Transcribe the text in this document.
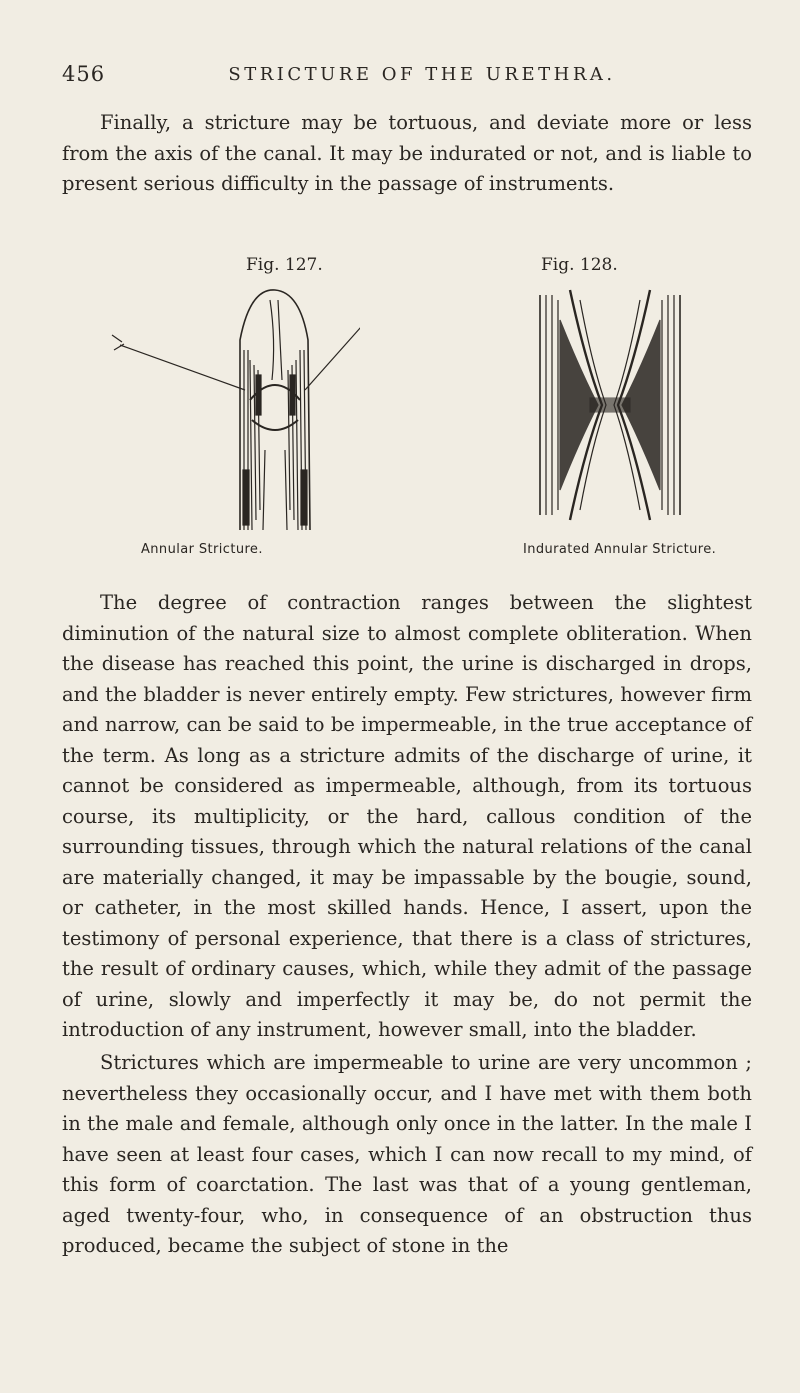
456	STRICTURE OF THE URETHRA.

Finally, a stricture may be tortuous, and deviate more or less from the axis of the canal. It may be indurated or not, and is liable to present serious difficulty in the passage of instruments.

Fig. 127.
Annular Stricture.
Fig. 128.
Indurated Annular Stricture.

The degree of contraction ranges between the slightest diminution of the natural size to almost complete obliteration. When the disease has reached this point, the urine is discharged in drops, and the bladder is never entirely empty. Few strictures, however firm and narrow, can be said to be impermeable, in the true acceptance of the term. As long as a stricture admits of the discharge of urine, it cannot be considered as impermeable, although, from its tortuous course, its multiplicity, or the hard, callous condition of the surrounding tissues, through which the natural relations of the canal are materially changed, it may be impassable by the bougie, sound, or catheter, in the most skilled hands. Hence, I assert, upon the testimony of personal experience, that there is a class of strictures, the result of ordinary causes, which, while they admit of the passage of urine, slowly and imperfectly it may be, do not permit the introduction of any instrument, however small, into the bladder.

Strictures which are impermeable to urine are very uncommon ; nevertheless they occasionally occur, and I have met with them both in the male and female, although only once in the latter. In the male I have seen at least four cases, which I can now recall to my mind, of this form of coarctation. The last was that of a young gentleman, aged twenty-four, who, in consequence of an obstruction thus produced, became the subject of stone in the
